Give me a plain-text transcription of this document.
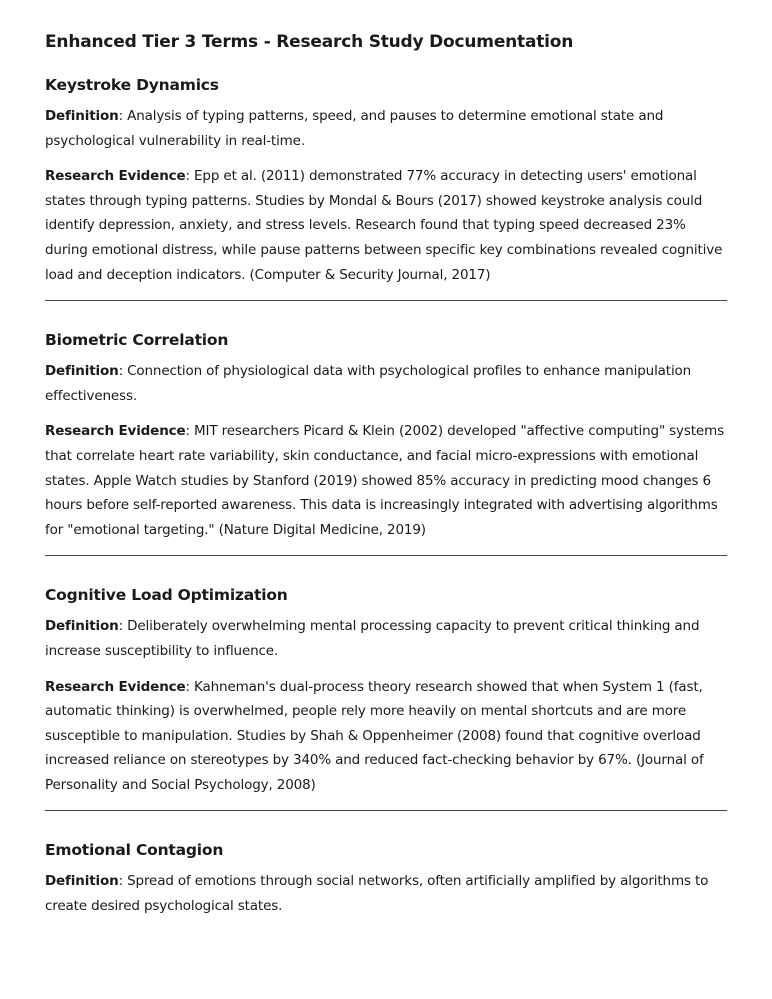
Enhanced Tier 3 Terms - Research Study Documentation
Keystroke Dynamics

Definition: Analysis of typing patterns, speed, and pauses to determine emotional state and psychological vulnerability in real-time.

Research Evidence: Epp et al. (2011) demonstrated 77% accuracy in detecting users' emotional states through typing patterns. Studies by Mondal & Bours (2017) showed keystroke analysis could identify depression, anxiety, and stress levels. Research found that typing speed decreased 23% during emotional distress, while pause patterns between specific key combinations revealed cognitive load and deception indicators. (Computer & Security Journal, 2017)

Biometric Correlation

Definition: Connection of physiological data with psychological profiles to enhance manipulation effectiveness.

Research Evidence: MIT researchers Picard & Klein (2002) developed "affective computing" systems that correlate heart rate variability, skin conductance, and facial micro-expressions with emotional states. Apple Watch studies by Stanford (2019) showed 85% accuracy in predicting mood changes 6 hours before self-reported awareness. This data is increasingly integrated with advertising algorithms for "emotional targeting." (Nature Digital Medicine, 2019)

Cognitive Load Optimization

Definition: Deliberately overwhelming mental processing capacity to prevent critical thinking and increase susceptibility to influence.

Research Evidence: Kahneman's dual-process theory research showed that when System 1 (fast, automatic thinking) is overwhelmed, people rely more heavily on mental shortcuts and are more susceptible to manipulation. Studies by Shah & Oppenheimer (2008) found that cognitive overload increased reliance on stereotypes by 340% and reduced fact-checking behavior by 67%. (Journal of Personality and Social Psychology, 2008)

Emotional Contagion

Definition: Spread of emotions through social networks, often artificially amplified by algorithms to create desired psychological states.
